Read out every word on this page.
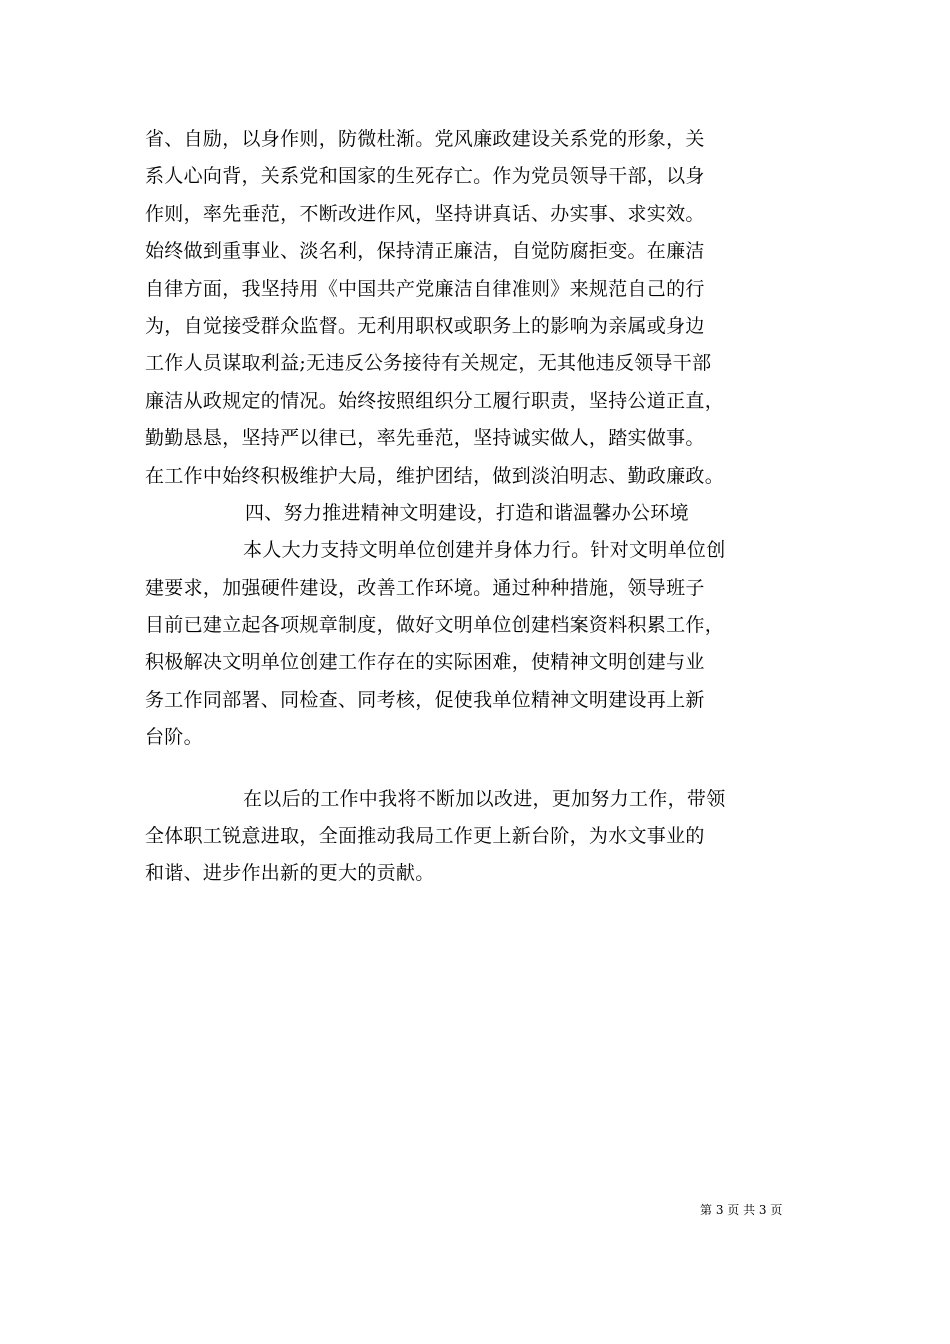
省、自励，以身作则，防微杜渐。党风廉政建设关系党的形象，关
系人心向背，关系党和国家的生死存亡。作为党员领导干部，以身
作则，率先垂范，不断改进作风，坚持讲真话、办实事、求实效。
始终做到重事业、淡名利，保持清正廉洁，自觉防腐拒变。在廉洁
自律方面，我坚持用《中国共产党廉洁自律准则》来规范自己的行
为，自觉接受群众监督。无利用职权或职务上的影响为亲属或身边
工作人员谋取利益;无违反公务接待有关规定，无其他违反领导干部
廉洁从政规定的情况。始终按照组织分工履行职责，坚持公道正直，
勤勤恳恳，坚持严以律已，率先垂范，坚持诚实做人，踏实做事。
在工作中始终积极维护大局，维护团结，做到淡泊明志、勤政廉政。
四、努力推进精神文明建设，打造和谐温馨办公环境
本人大力支持文明单位创建并身体力行。针对文明单位创
建要求，加强硬件建设，改善工作环境。通过种种措施，领导班子
目前已建立起各项规章制度，做好文明单位创建档案资料积累工作，
积极解决文明单位创建工作存在的实际困难，使精神文明创建与业
务工作同部署、同检查、同考核，促使我单位精神文明建设再上新
台阶。
在以后的工作中我将不断加以改进，更加努力工作，带领
全体职工锐意进取，全面推动我局工作更上新台阶，为水文事业的
和谐、进步作出新的更大的贡献。
第 3 页 共 3 页
